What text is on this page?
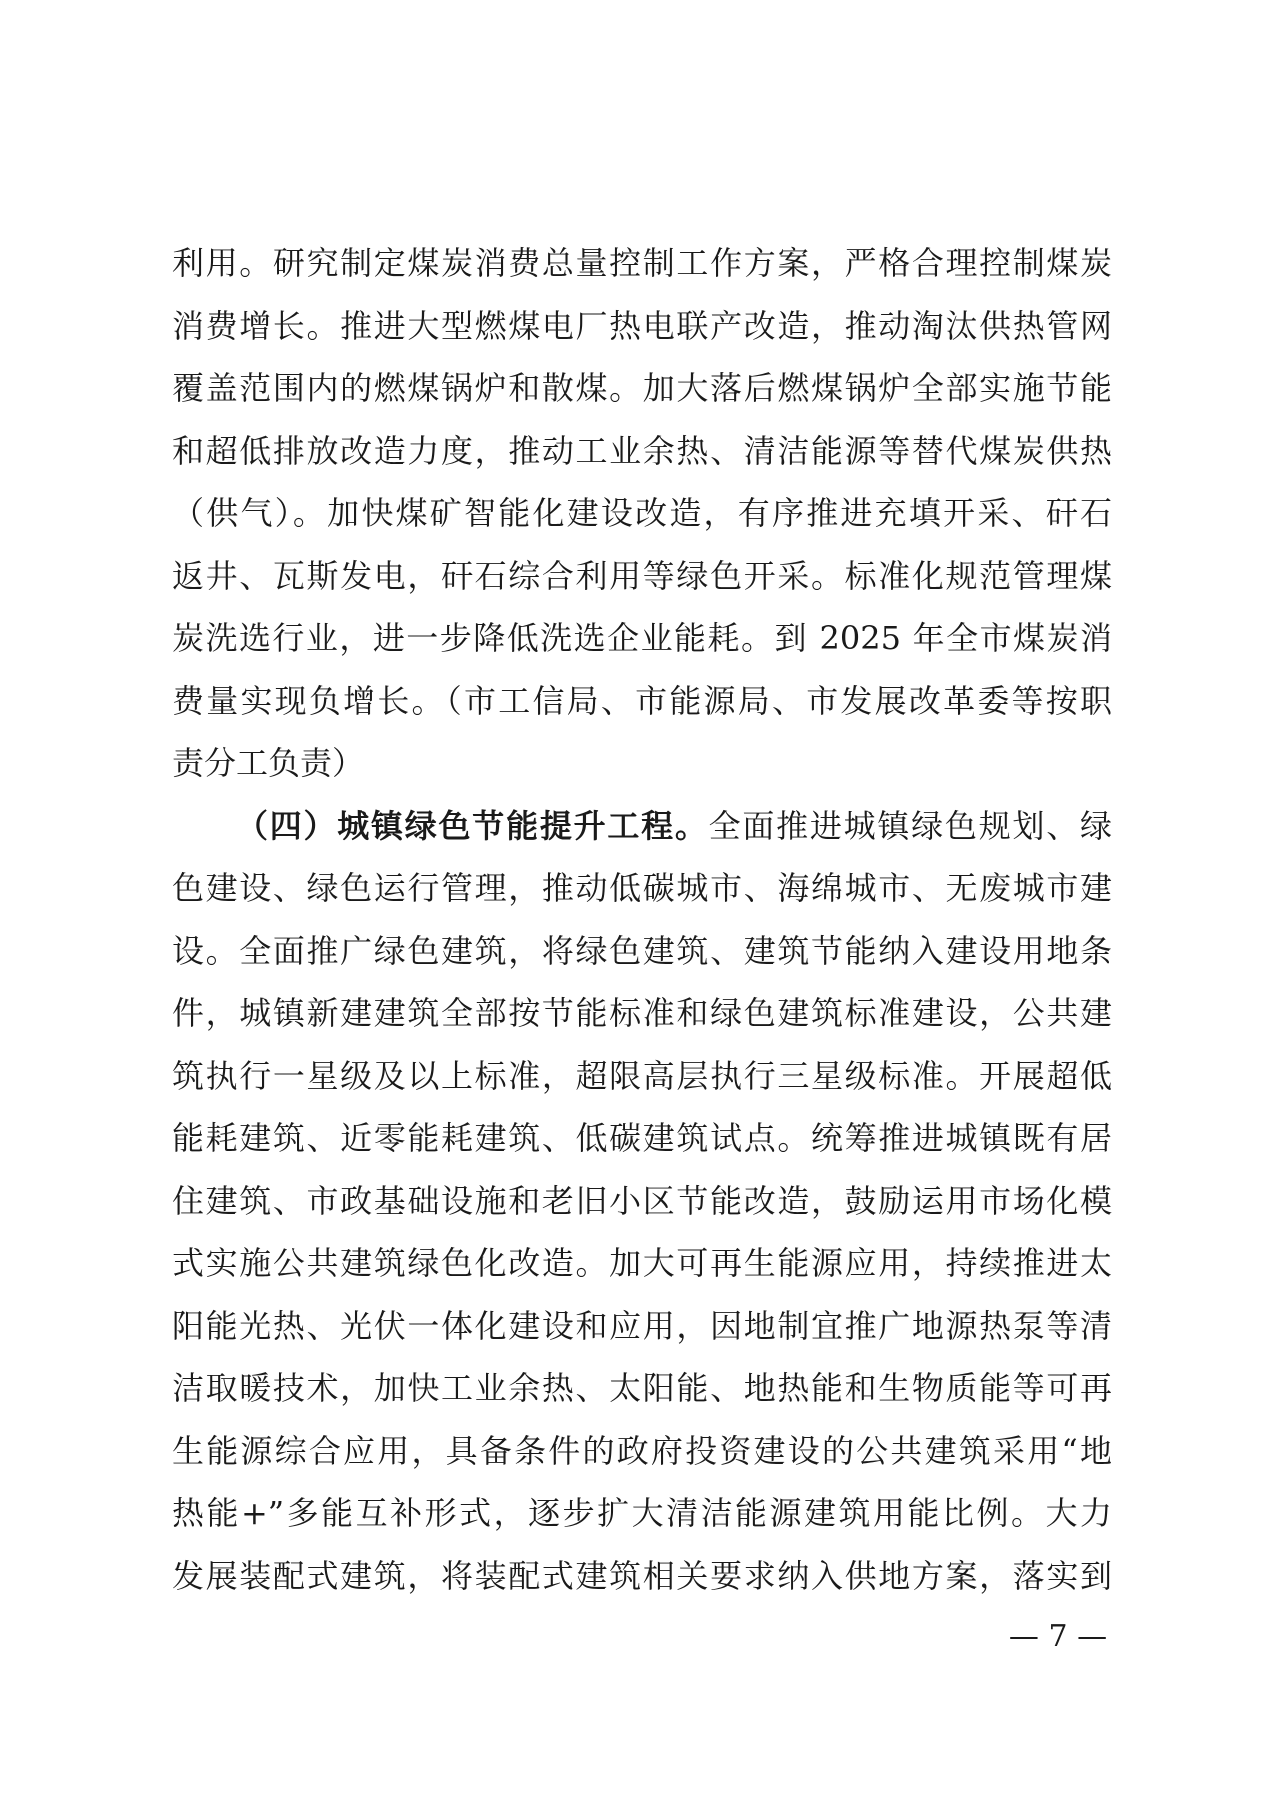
利用。研究制定煤炭消费总量控制工作方案，严格合理控制煤炭
消费增长。推进大型燃煤电厂热电联产改造，推动淘汰供热管网
覆盖范围内的燃煤锅炉和散煤。加大落后燃煤锅炉全部实施节能
和超低排放改造力度，推动工业余热、清洁能源等替代煤炭供热
（供气）。加快煤矿智能化建设改造，有序推进充填开采、矸石
返井、瓦斯发电，矸石综合利用等绿色开采。标准化规范管理煤
炭洗选行业，进一步降低洗选企业能耗。到 2025 年全市煤炭消
费量实现负增长。（市工信局、市能源局、市发展改革委等按职
责分工负责）
（四）城镇绿色节能提升工程。全面推进城镇绿色规划、绿
色建设、绿色运行管理，推动低碳城市、海绵城市、无废城市建
设。全面推广绿色建筑，将绿色建筑、建筑节能纳入建设用地条
件，城镇新建建筑全部按节能标准和绿色建筑标准建设，公共建
筑执行一星级及以上标准，超限高层执行三星级标准。开展超低
能耗建筑、近零能耗建筑、低碳建筑试点。统筹推进城镇既有居
住建筑、市政基础设施和老旧小区节能改造，鼓励运用市场化模
式实施公共建筑绿色化改造。加大可再生能源应用，持续推进太
阳能光热、光伏一体化建设和应用，因地制宜推广地源热泵等清
洁取暖技术，加快工业余热、太阳能、地热能和生物质能等可再
生能源综合应用，具备条件的政府投资建设的公共建筑采用“地
热能+”多能互补形式，逐步扩大清洁能源建筑用能比例。大力
发展装配式建筑，将装配式建筑相关要求纳入供地方案，落实到
— 7 —
